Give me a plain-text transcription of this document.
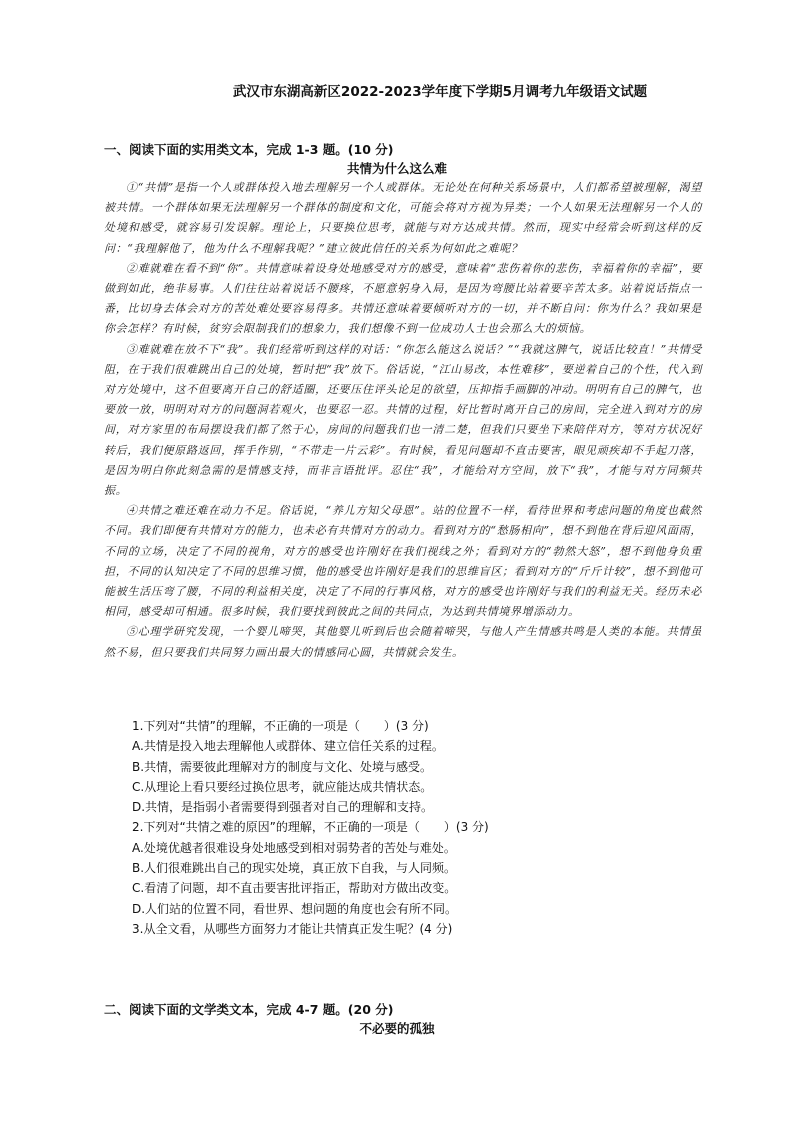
武汉市东湖高新区2022-2023学年度下学期5月调考九年级语文试题
一、阅读下面的实用类文本，完成 1-3 题。(10 分)
共情为什么这么难

①“共情”是指一个人或群体投入地去理解另一个人或群体。无论处在何种关系场景中，人们都希望被理解，渴望被共情。一个群体如果无法理解另一个群体的制度和文化，可能会将对方视为异类；一个人如果无法理解另一个人的处境和感受，就容易引发误解。理论上，只要换位思考，就能与对方达成共情。然而，现实中经常会听到这样的反问：“我理解他了，他为什么不理解我呢？”建立彼此信任的关系为何如此之难呢？

②难就难在看不到“你”。共情意味着设身处地感受对方的感受，意味着“悲伤着你的悲伤，幸福着你的幸福”，要做到如此，绝非易事。人们往往站着说话不腰疼，不愿意躬身入局，是因为弯腰比站着要辛苦太多。站着说话指点一番，比切身去体会对方的苦处难处要容易得多。共情还意味着要倾听对方的一切，并不断自问：你为什么？我如果是你会怎样？有时候，贫穷会限制我们的想象力，我们想像不到一位成功人士也会那么大的烦恼。

③难就难在放不下“我”。我们经常听到这样的对话：“你怎么能这么说话？”“我就这脾气，说话比较直！”共情受阻，在于我们很难跳出自己的处境，暂时把“我”放下。俗话说，“江山易改，本性难移”，要逆着自己的个性，代入到对方处境中，这不但要离开自己的舒适圈，还要压住评头论足的欲望，压抑指手画脚的冲动。明明有自己的脾气，也要放一放，明明对对方的问题洞若观火，也要忍一忍。共情的过程，好比暂时离开自己的房间，完全进入到对方的房间，对方家里的布局摆设我们都了然于心，房间的问题我们也一清二楚，但我们只要坐下来陪伴对方，等对方状况好转后，我们便原路返回，挥手作别，“不带走一片云彩”。有时候，看见问题却不直击要害，眼见顽疾却不手起刀落，是因为明白你此刻急需的是情感支持，而非言语批评。忍住“我”，才能给对方空间，放下“我”，才能与对方同频共振。

④共情之难还难在动力不足。俗话说，“养儿方知父母恩”。站的位置不一样，看待世界和考虑问题的角度也截然不同。我们即便有共情对方的能力，也未必有共情对方的动力。看到对方的“愁肠相向”，想不到他在背后迎风面雨，不同的立场，决定了不同的视角，对方的感受也许刚好在我们视线之外；看到对方的“勃然大怒”，想不到他身负重担，不同的认知决定了不同的思维习惯，他的感受也许刚好是我们的思维盲区；看到对方的“斤斤计较”，想不到他可能被生活压弯了腰，不同的利益相关度，决定了不同的行事风格，对方的感受也许刚好与我们的利益无关。经历未必相同，感受却可相通。很多时候，我们要找到彼此之间的共同点，为达到共情境界增添动力。

⑤心理学研究发现，一个婴儿啼哭，其他婴儿听到后也会随着啼哭，与他人产生情感共鸣是人类的本能。共情虽然不易，但只要我们共同努力画出最大的情感同心圆，共情就会发生。

1.下列对“共情”的理解，不正确的一项是（　　）(3 分)
A.共情是投入地去理解他人或群体、建立信任关系的过程。
B.共情，需要彼此理解对方的制度与文化、处境与感受。
C.从理论上看只要经过换位思考，就应能达成共情状态。
D.共情，是指弱小者需要得到强者对自己的理解和支持。
2.下列对“共情之难的原因”的理解，不正确的一项是（　　）(3 分)
A.处境优越者很难设身处地感受到相对弱势者的苦处与难处。
B.人们很难跳出自己的现实处境，真正放下自我，与人同频。
C.看清了问题，却不直击要害批评指正，帮助对方做出改变。
D.人们站的位置不同，看世界、想问题的角度也会有所不同。
3.从全文看，从哪些方面努力才能让共情真正发生呢？(4 分)
二、阅读下面的文学类文本，完成 4-7 题。(20 分)
不必要的孤独
